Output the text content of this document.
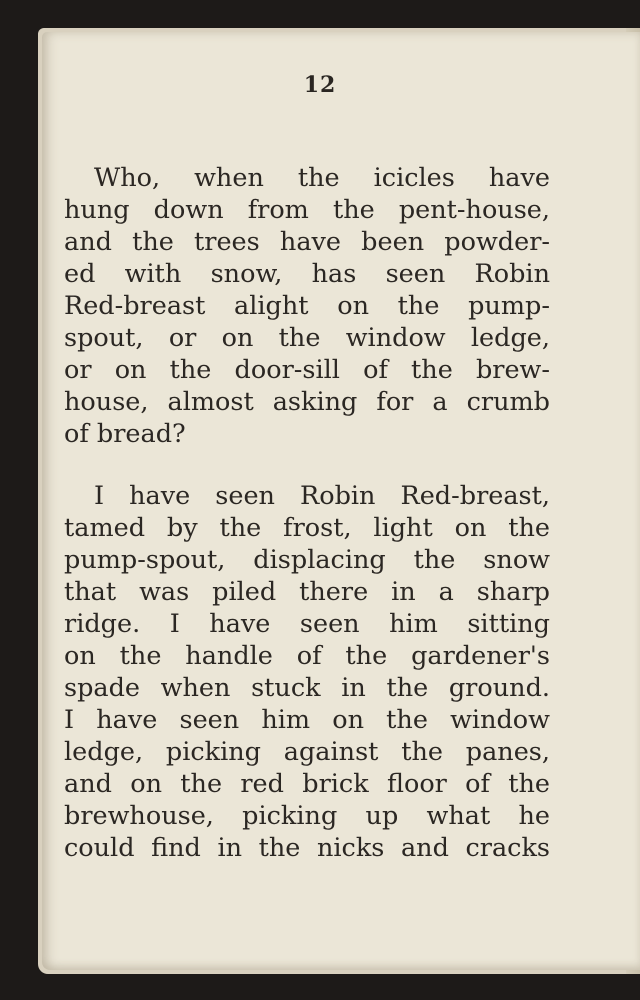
12
Who, when the icicles have
hung down from the pent-house,
and the trees have been powder-
ed with snow, has seen Robin
Red-breast alight on the pump-
spout, or on the window ledge,
or on the door-sill of the brew-
house, almost asking for a crumb
of bread?
I have seen Robin Red-breast,
tamed by the frost, light on the
pump-spout, displacing the snow
that was piled there in a sharp
ridge. I have seen him sitting
on the handle of the gardener's
spade when stuck in the ground.
I have seen him on the window
ledge, picking against the panes,
and on the red brick floor of the
brewhouse, picking up what he
could find in the nicks and cracks
